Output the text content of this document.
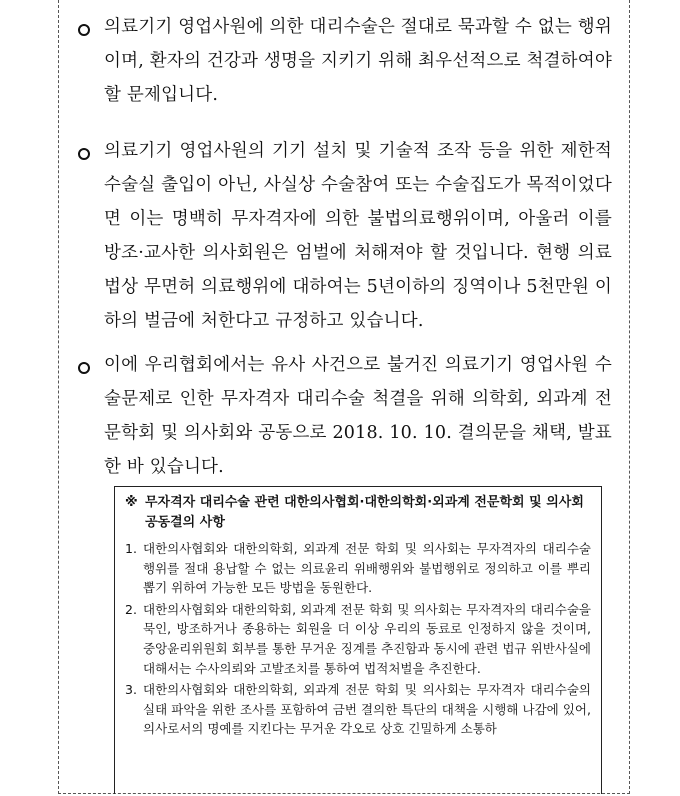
의료기기 영업사원에 의한 대리수술은 절대로 묵과할 수 없는 행위이며, 환자의 건강과 생명을 지키기 위해 최우선적으로 척결하여야 할 문제입니다.
의료기기 영업사원의 기기 설치 및 기술적 조작 등을 위한 제한적 수술실 출입이 아닌, 사실상 수술참여 또는 수술집도가 목적이었다면 이는 명백히 무자격자에 의한 불법의료행위이며, 아울러 이를 방조·교사한 의사회원은 엄벌에 처해져야 할 것입니다. 현행 의료법상 무면허 의료행위에 대하여는 5년이하의 징역이나 5천만원 이하의 벌금에 처한다고 규정하고 있습니다.
이에 우리협회에서는 유사 사건으로 불거진 의료기기 영업사원 수술문제로 인한 무자격자 대리수술 척결을 위해 의학회, 외과계 전문학회 및 의사회와 공동으로 2018. 10. 10. 결의문을 채택, 발표한 바 있습니다.
※ 무자격자 대리수술 관련 대한의사협회·대한의학회·외과계 전문학회 및 의사회 공동결의 사항
1. 대한의사협회와 대한의학회, 외과계 전문 학회 및 의사회는 무자격자의 대리수술 행위를 절대 용납할 수 없는 의료윤리 위배행위와 불법행위로 정의하고 이를 뿌리 뽑기 위하여 가능한 모든 방법을 동원한다.
2. 대한의사협회와 대한의학회, 외과계 전문 학회 및 의사회는 무자격자의 대리수술을 묵인, 방조하거나 종용하는 회원을 더 이상 우리의 동료로 인정하지 않을 것이며, 중앙윤리위원회 회부를 통한 무거운 징계를 추진함과 동시에 관련 법규 위반사실에 대해서는 수사의뢰와 고발조치를 통하여 법적처벌을 추진한다.
3. 대한의사협회와 대한의학회, 외과계 전문 학회 및 의사회는 무자격자 대리수술의 실태 파악을 위한 조사를 포함하여 금번 결의한 특단의 대책을 시행해 나감에 있어, 의사로서의 명예를 지킨다는 무거운 각오로 상호 긴밀하게 소통하
